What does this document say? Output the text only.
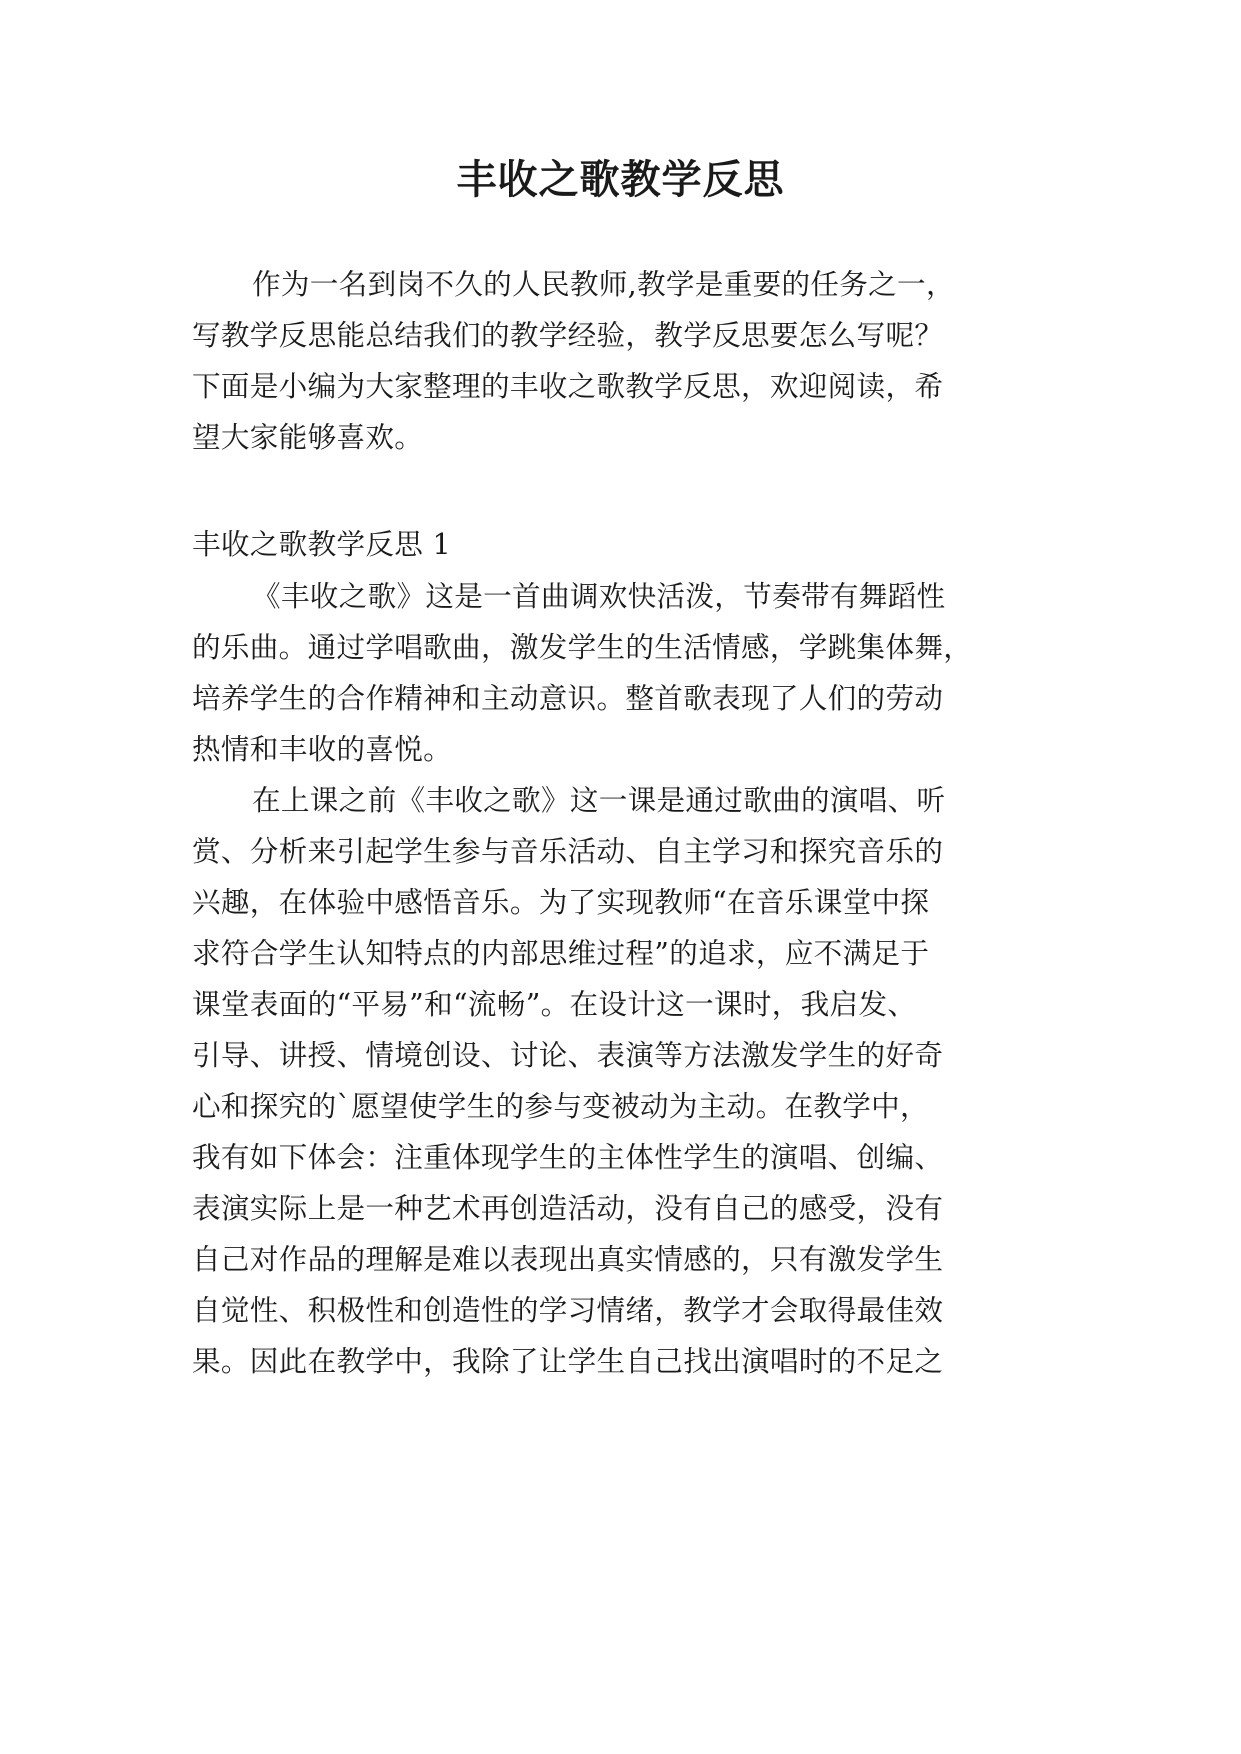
丰收之歌教学反思

作为一名到岗不久的人民教师,教学是重要的任务之一，

写教学反思能总结我们的教学经验，教学反思要怎么写呢？

下面是小编为大家整理的丰收之歌教学反思，欢迎阅读，希

望大家能够喜欢。

丰收之歌教学反思 1

《丰收之歌》这是一首曲调欢快活泼，节奏带有舞蹈性

的乐曲。通过学唱歌曲，激发学生的生活情感，学跳集体舞，

培养学生的合作精神和主动意识。整首歌表现了人们的劳动

热情和丰收的喜悦。

在上课之前《丰收之歌》这一课是通过歌曲的演唱、听

赏、分析来引起学生参与音乐活动、自主学习和探究音乐的

兴趣，在体验中感悟音乐。为了实现教师“在音乐课堂中探

求符合学生认知特点的内部思维过程”的追求，应不满足于

课堂表面的“平易”和“流畅”。在设计这一课时，我启发、

引导、讲授、情境创设、讨论、表演等方法激发学生的好奇

心和探究的`愿望使学生的参与变被动为主动。在教学中，

我有如下体会：注重体现学生的主体性学生的演唱、创编、

表演实际上是一种艺术再创造活动，没有自己的感受，没有

自己对作品的理解是难以表现出真实情感的，只有激发学生

自觉性、积极性和创造性的学习情绪，教学才会取得最佳效

果。因此在教学中，我除了让学生自己找出演唱时的不足之
